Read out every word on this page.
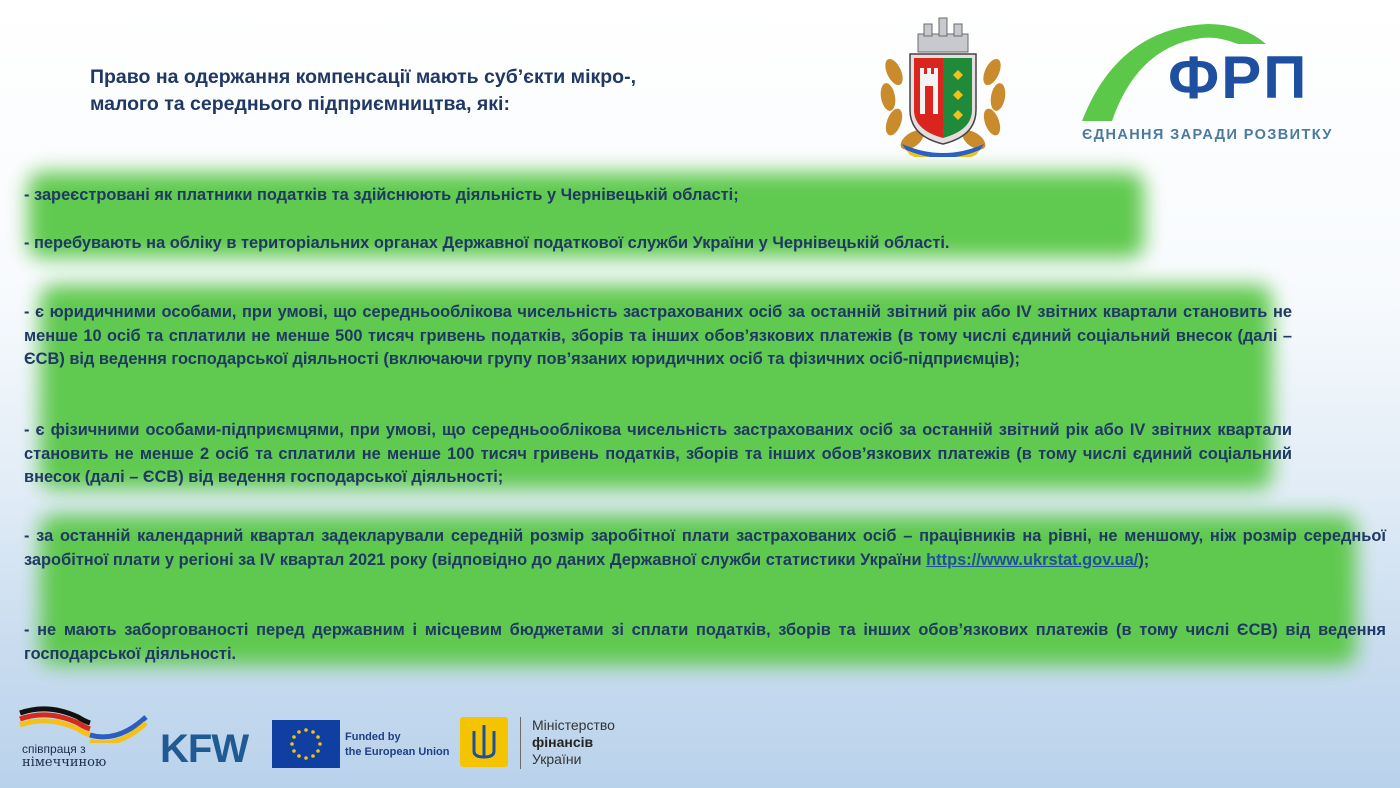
Право на одержання компенсації мають суб’єкти мікро-,
малого та середнього підприємництва, які:	ФРП
ЄДНАННЯ ЗАРАДИ РОЗВИТКУ
- зареєстровані як платники податків та здійснюють діяльність у Чернівецькій області;
- перебувають на обліку в територіальних органах Державної податкової служби України у Чернівецькій області.
- є юридичними особами, при умові, що середньооблікова чисельність застрахованих осіб за останній звітний рік або IV звітних квартали становить не менше 10 осіб та сплатили не менше 500 тисяч гривень податків, зборів та інших обов’язкових платежів (в тому числі єдиний соціальний внесок (далі – ЄСВ) від ведення господарської діяльності (включаючи групу пов’язаних юридичних осіб та фізичних осіб-підприємців);
- є фізичними особами-підприємцями, при умові, що середньооблікова чисельність застрахованих осіб за останній звітний рік або IV звітних квартали становить не менше 2 осіб та сплатили не менше 100 тисяч гривень податків, зборів та інших обов’язкових платежів (в тому числі єдиний соціальний внесок (далі – ЄСВ) від ведення господарської діяльності;
- за останній календарний квартал задекларували середній розмір заробітної плати застрахованих осіб – працівників на рівні, не меншому, ніж розмір середньої заробітної плати у регіоні за IV квартал 2021 року (відповідно до даних Державної служби статистики України https://www.ukrstat.gov.ua/);
- не мають заборгованості перед державним і місцевим бюджетами зі сплати податків, зборів та інших обов’язкових платежів (в тому числі ЄСВ) від ведення господарської діяльності.
співпраця з
німеччиною KFW	Funded by
the European Union
Міністерство
фінансів
України
